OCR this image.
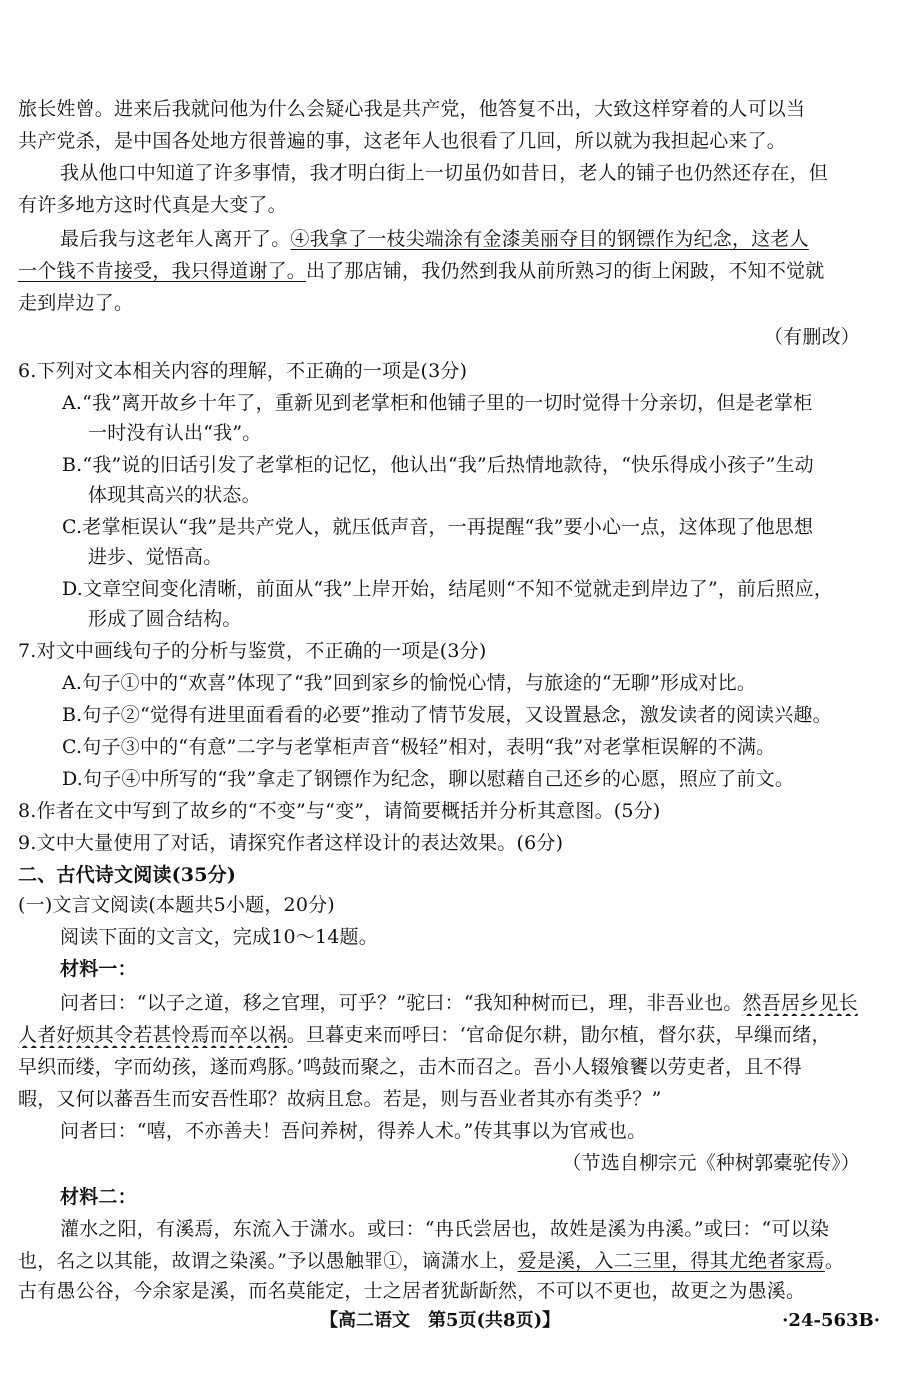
旅长姓曾。进来后我就问他为什么会疑心我是共产党，他答复不出，大致这样穿着的人可以当
共产党杀，是中国各处地方很普遍的事，这老年人也很看了几回，所以就为我担起心来了。
我从他口中知道了许多事情，我才明白街上一切虽仍如昔日，老人的铺子也仍然还存在，但
有许多地方这时代真是大变了。
最后我与这老年人离开了。④我拿了一枝尖端涂有金漆美丽夺目的钢镖作为纪念，这老人
一个钱不肯接受，我只得道谢了。出了那店铺，我仍然到我从前所熟习的街上闲跛，不知不觉就
走到岸边了。
（有删改）
6.下列对文本相关内容的理解，不正确的一项是(3分)
A.“我”离开故乡十年了，重新见到老掌柜和他铺子里的一切时觉得十分亲切，但是老掌柜
一时没有认出“我”。
B.“我”说的旧话引发了老掌柜的记忆，他认出“我”后热情地款待，“快乐得成小孩子”生动
体现其高兴的状态。
C.老掌柜误认“我”是共产党人，就压低声音，一再提醒“我”要小心一点，这体现了他思想
进步、觉悟高。
D.文章空间变化清晰，前面从“我”上岸开始，结尾则“不知不觉就走到岸边了”，前后照应，
形成了圆合结构。
7.对文中画线句子的分析与鉴赏，不正确的一项是(3分)
A.句子①中的“欢喜”体现了“我”回到家乡的愉悦心情，与旅途的“无聊”形成对比。
B.句子②“觉得有进里面看看的必要”推动了情节发展，又设置悬念，激发读者的阅读兴趣。
C.句子③中的“有意”二字与老掌柜声音“极轻”相对，表明“我”对老掌柜误解的不满。
D.句子④中所写的“我”拿走了钢镖作为纪念，聊以慰藉自己还乡的心愿，照应了前文。
8.作者在文中写到了故乡的“不变”与“变”，请简要概括并分析其意图。(5分)
9.文中大量使用了对话，请探究作者这样设计的表达效果。(6分)
二、古代诗文阅读(35分)
(一)文言文阅读(本题共5小题，20分)
阅读下面的文言文，完成10～14题。
材料一：
问者曰：“以子之道，移之官理，可乎？”驼曰：“我知种树而已，理，非吾业也。然吾居乡见长
人者好烦其令若甚怜焉而卒以祸。旦暮吏来而呼曰：‘官命促尔耕，勖尔植，督尔获，早缫而绪，
早织而缕，字而幼孩，遂而鸡豚。’鸣鼓而聚之，击木而召之。吾小人辍飧饔以劳吏者，且不得
暇，又何以蕃吾生而安吾性耶？故病且怠。若是，则与吾业者其亦有类乎？”
问者曰：“嘻，不亦善夫！吾问养树，得养人术。”传其事以为官戒也。
（节选自柳宗元《种树郭橐驼传》）
材料二：
灌水之阳，有溪焉，东流入于潇水。或曰：“冉氏尝居也，故姓是溪为冉溪。”或曰：“可以染
也，名之以其能，故谓之染溪。”予以愚触罪①，谪潇水上，爱是溪，入二三里，得其尤绝者家焉。
古有愚公谷，今余家是溪，而名莫能定，士之居者犹龂龂然，不可以不更也，故更之为愚溪。
【高二语文　第5页(共8页)】	·24-563B·
